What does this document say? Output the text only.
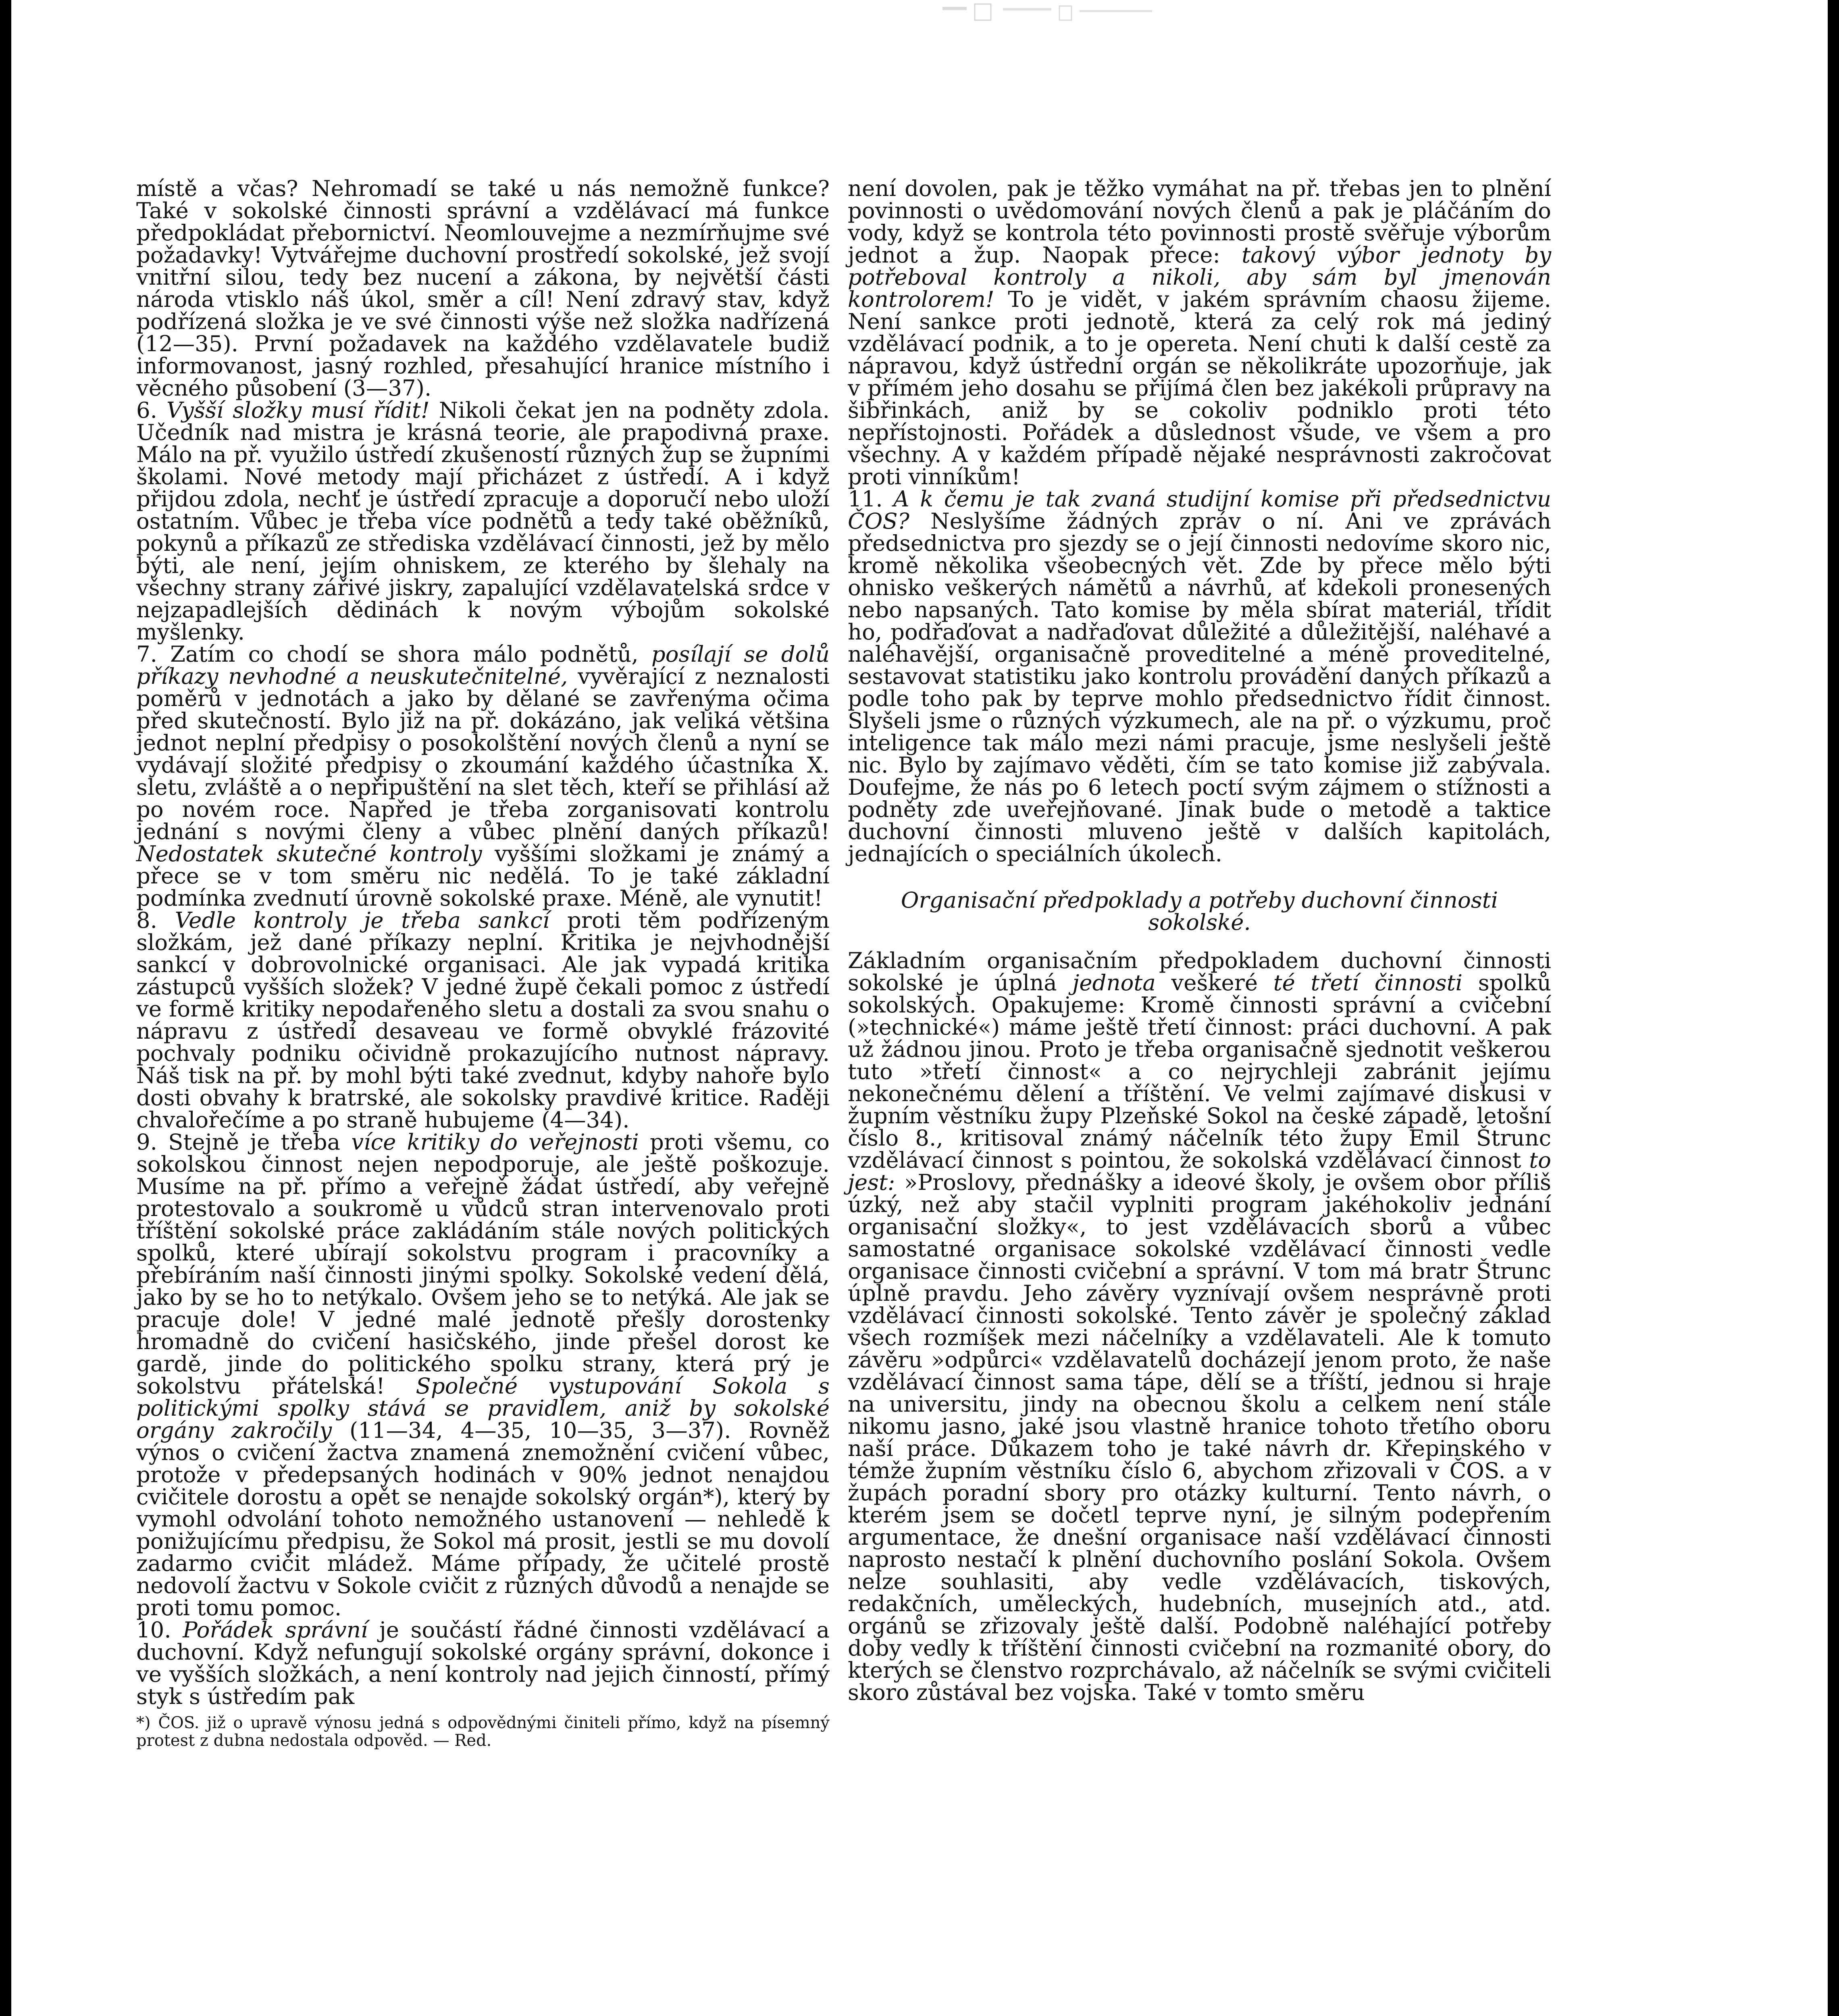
místě a včas? Nehromadí se také u nás nemožně funkce? Také v sokolské činnosti správní a vzdělávací má funkce předpokládat přebornictví. Neomlouvejme a nezmírňujme své požadavky! Vytvářejme duchovní prostředí sokolské, jež svojí vnitřní silou, tedy bez nucení a zákona, by největší části národa vtisklo náš úkol, směr a cíl! Není zdravý stav, když podřízená složka je ve své činnosti výše než složka nadřízená (12—35). První požadavek na každého vzdělavatele budiž informovanost, jasný rozhled, přesahující hranice místního i věcného působení (3—37).

6. Vyšší složky musí řídit! Nikoli čekat jen na podněty zdola. Učedník nad mistra je krásná teorie, ale prapodivná praxe. Málo na př. využilo ústředí zkušeností různých žup se župními školami. Nové metody mají přicházet z ústředí. A i když přijdou zdola, nechť je ústředí zpracuje a doporučí nebo uloží ostatním. Vůbec je třeba více podnětů a tedy také oběžníků, pokynů a příkazů ze střediska vzdělávací činnosti, jež by mělo býti, ale není, jejím ohniskem, ze kterého by šlehaly na všechny strany zářivé jiskry, zapalující vzdělavatelská srdce v nejzapadlejších dědinách k novým výbojům sokolské myšlenky.

7. Zatím co chodí se shora málo podnětů, posílají se dolů příkazy nevhodné a neuskutečnitelné, vyvěrající z neznalosti poměrů v jednotách a jako by dělané se zavřenýma očima před skutečností. Bylo již na př. dokázáno, jak veliká většina jednot neplní předpisy o posokolštění nových členů a nyní se vydávají složité předpisy o zkoumání každého účastníka X. sletu, zvláště a o nepřipuštění na slet těch, kteří se přihlásí až po novém roce. Napřed je třeba zorganisovati kontrolu jednání s novými členy a vůbec plnění daných příkazů! Nedostatek skutečné kontroly vyššími složkami je známý a přece se v tom směru nic nedělá. To je také základní podmínka zvednutí úrovně sokolské praxe. Méně, ale vynutit!

8. Vedle kontroly je třeba sankcí proti těm podřízeným složkám, jež dané příkazy neplní. Kritika je nejvhodnější sankcí v dobrovolnické organisaci. Ale jak vypadá kritika zástupců vyšších složek? V jedné župě čekali pomoc z ústředí ve formě kritiky nepodařeného sletu a dostali za svou snahu o nápravu z ústředí desaveau ve formě obvyklé frázovité pochvaly podniku očividně prokazujícího nutnost nápravy. Náš tisk na př. by mohl býti také zvednut, kdyby nahoře bylo dosti obvahy k bratrské, ale sokolsky pravdivé kritice. Raději chvalořečíme a po straně hubujeme (4—34).

9. Stejně je třeba více kritiky do veřejnosti proti všemu, co sokolskou činnost nejen nepodporuje, ale ještě poškozuje. Musíme na př. přímo a veřejně žádat ústředí, aby veřejně protestovalo a soukromě u vůdců stran intervenovalo proti tříštění sokolské práce zakládáním stále nových politických spolků, které ubírají sokolstvu program i pracovníky a přebíráním naší činnosti jinými spolky. Sokolské vedení dělá, jako by se ho to netýkalo. Ovšem jeho se to netýká. Ale jak se pracuje dole! V jedné malé jednotě přešly dorostenky hromadně do cvičení hasičského, jinde přešel dorost ke gardě, jinde do politického spolku strany, která prý je sokolstvu přátelská! Společné vystupování Sokola s politickými spolky stává se pravidlem, aniž by sokolské orgány zakročily (11—34, 4—35, 10—35, 3—37). Rovněž výnos o cvičení žactva znamená znemožnění cvičení vůbec, protože v předepsaných hodinách v 90% jednot nenajdou cvičitele dorostu a opět se nenajde sokolský orgán*), který by vymohl odvolání tohoto nemožného ustanovení — nehledě k ponižujícímu předpisu, že Sokol má prosit, jestli se mu dovolí zadarmo cvičit mládež. Máme případy, že učitelé prostě nedovolí žactvu v Sokole cvičit z různých důvodů a nenajde se proti tomu pomoc.

10. Pořádek správní je součástí řádné činnosti vzdělávací a duchovní. Když nefungují sokolské orgány správní, dokonce i ve vyšších složkách, a není kontroly nad jejich činností, přímý styk s ústředím pak

*) ČOS. již o upravě výnosu jedná s odpovědnými činiteli přímo, když na písemný protest z dubna nedostala odpověd. — Red.

není dovolen, pak je těžko vymáhat na př. třebas jen to plnění povinnosti o uvědomování nových členů a pak je pláčáním do vody, když se kontrola této povinnosti prostě svěřuje výborům jednot a žup. Naopak přece: takový výbor jednoty by potřeboval kontroly a nikoli, aby sám byl jmenován kontrolorem! To je vidět, v jakém správním chaosu žijeme. Není sankce proti jednotě, která za celý rok má jediný vzdělávací podnik, a to je opereta. Není chuti k další cestě za nápravou, když ústřední orgán se několikráte upozorňuje, jak v přímém jeho dosahu se přijímá člen bez jakékoli průpravy na šibřinkách, aniž by se cokoliv podniklo proti této nepřístojnosti. Pořádek a důslednost všude, ve všem a pro všechny. A v každém případě nějaké nesprávnosti zakročovat proti vinníkům!

11. A k čemu je tak zvaná studijní komise při předsednictvu ČOS? Neslyšíme žádných zpráv o ní. Ani ve zprávách předsednictva pro sjezdy se o její činnosti nedovíme skoro nic, kromě několika všeobecných vět. Zde by přece mělo býti ohnisko veškerých námětů a návrhů, ať kdekoli pronesených nebo napsaných. Tato komise by měla sbírat materiál, třídit ho, podřaďovat a nadřaďovat důležité a důležitější, naléhavé a naléhavější, organisačně proveditelné a méně proveditelné, sestavovat statistiku jako kontrolu provádění daných příkazů a podle toho pak by teprve mohlo předsednictvo řídit činnost. Slyšeli jsme o různých výzkumech, ale na př. o výzkumu, proč inteligence tak málo mezi námi pracuje, jsme neslyšeli ještě nic. Bylo by zajímavo věděti, čím se tato komise již zabývala. Doufejme, že nás po 6 letech poctí svým zájmem o stížnosti a podněty zde uveřejňované. Jinak bude o metodě a taktice duchovní činnosti mluveno ještě v dalších kapitolách, jednajících o speciálních úkolech.

Organisační předpoklady a potřeby duchovní činnosti sokolské.

Základním organisačním předpokladem duchovní činnosti sokolské je úplná jednota veškeré té třetí činnosti spolků sokolských. Opakujeme: Kromě činnosti správní a cvičební (»technické«) máme ještě třetí činnost: práci duchovní. A pak už žádnou jinou. Proto je třeba organisačně sjednotit veškerou tuto »třetí činnost« a co nejrychleji zabránit jejímu nekonečnému dělení a tříštění. Ve velmi zajímavé diskusi v župním věstníku župy Plzeňské Sokol na české západě, letošní číslo 8., kritisoval známý náčelník této župy Emil Štrunc vzdělávací činnost s pointou, že sokolská vzdělávací činnost to jest: »Proslovy, přednášky a ideové školy, je ovšem obor příliš úzký, než aby stačil vyplniti program jakéhokoliv jednání organisační složky«, to jest vzdělávacích sborů a vůbec samostatné organisace sokolské vzdělávací činnosti vedle organisace činnosti cvičební a správní. V tom má bratr Štrunc úplně pravdu. Jeho závěry vyznívají ovšem nesprávně proti vzdělávací činnosti sokolské. Tento závěr je společný základ všech rozmíšek mezi náčelníky a vzdělavateli. Ale k tomuto závěru »odpůrci« vzdělavatelů docházejí jenom proto, že naše vzdělávací činnost sama tápe, dělí se a tříští, jednou si hraje na universitu, jindy na obecnou školu a celkem není stále nikomu jasno, jaké jsou vlastně hranice tohoto třetího oboru naší práce. Důkazem toho je také návrh dr. Křepinského v témže župním věstníku číslo 6, abychom zřizovali v ČOS. a v župách poradní sbory pro otázky kulturní. Tento návrh, o kterém jsem se dočetl teprve nyní, je silným podepřením argumentace, že dnešní organisace naší vzdělávací činnosti naprosto nestačí k plnění duchovního poslání Sokola. Ovšem nelze souhlasiti, aby vedle vzdělávacích, tiskových, redakčních, uměleckých, hudebních, musejních atd., atd. orgánů se zřizovaly ještě další. Podobně naléhající potřeby doby vedly k tříštění činnosti cvičební na rozmanité obory, do kterých se členstvo rozprchávalo, až náčelník se svými cvičiteli skoro zůstával bez vojska. Také v tomto směru
